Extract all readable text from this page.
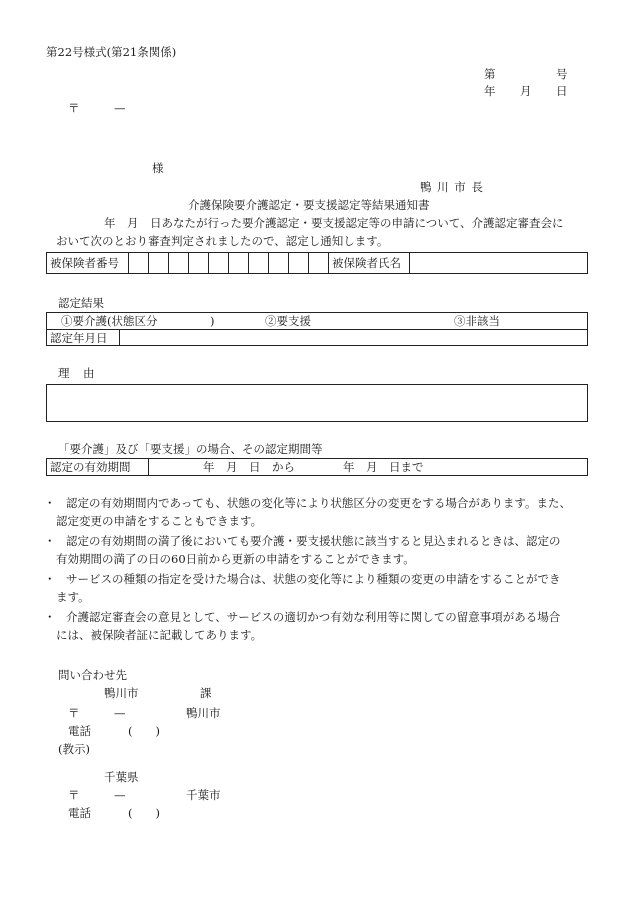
第22号様式(第21条関係)
第	号
年 月 日
〒	—
様
鴨 川 市 長
介護保険要介護認定・要支援認定等結果通知書
年　月　日あなたが行った要介護認定・要支援認定等の申請について、介護認定審査会に
おいて次のとおり審査判定されましたので、認定し通知します。
被保険者番号	被保険者氏名
認定結果
①要介護(状態区分	)	②要支援	③非該当
認定年月日
理　由
「要介護」及び「要支援」の場合、その認定期間等
認定の有効期間	年　月　日　から	年　月　日まで
・ 認定の有効期間内であっても、状態の変化等により状態区分の変更をする場合があります。また、
認定変更の申請をすることもできます。
・ 認定の有効期間の満了後においても要介護・要支援状態に該当すると見込まれるときは、認定の
有効期間の満了の日の60日前から更新の申請をすることができます。
・ サービスの種類の指定を受けた場合は、状態の変化等により種類の変更の申請をすることができ
ます。
・ 介護認定審査会の意見として、サービスの適切かつ有効な利用等に関しての留意事項がある場合
には、被保険者証に記載してあります。
問い合わせ先
鴨川市	課
〒	—	鴨川市
電話	(　　)
(教示)
千葉県
〒	—	千葉市
電話	(　　)
